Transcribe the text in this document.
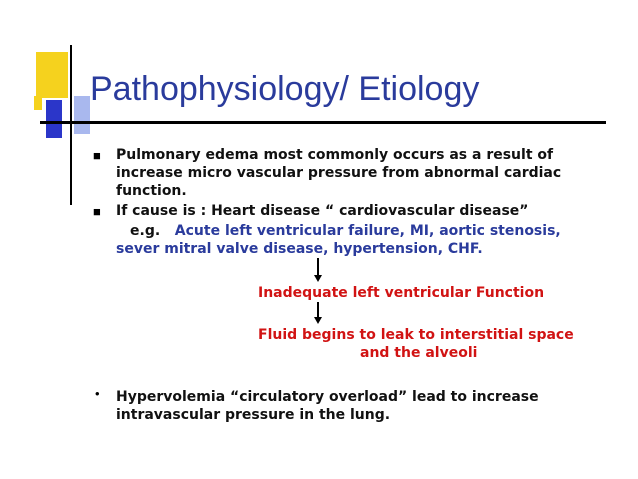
Pathophysiology/ Etiology
■ Pulmonary edema most commonly occurs as a result of

increase micro vascular pressure from abnormal cardiac

function.

■ If cause is : Heart disease “ cardiovascular disease”

e.g. Acute left ventricular failure, MI, aortic stenosis,

sever mitral valve disease, hypertension, CHF.

Inadequate left ventricular Function

Fluid begins to leak to interstitial space

and the alveoli

• Hypervolemia “circulatory overload” lead to increase

intravascular pressure in the lung.
